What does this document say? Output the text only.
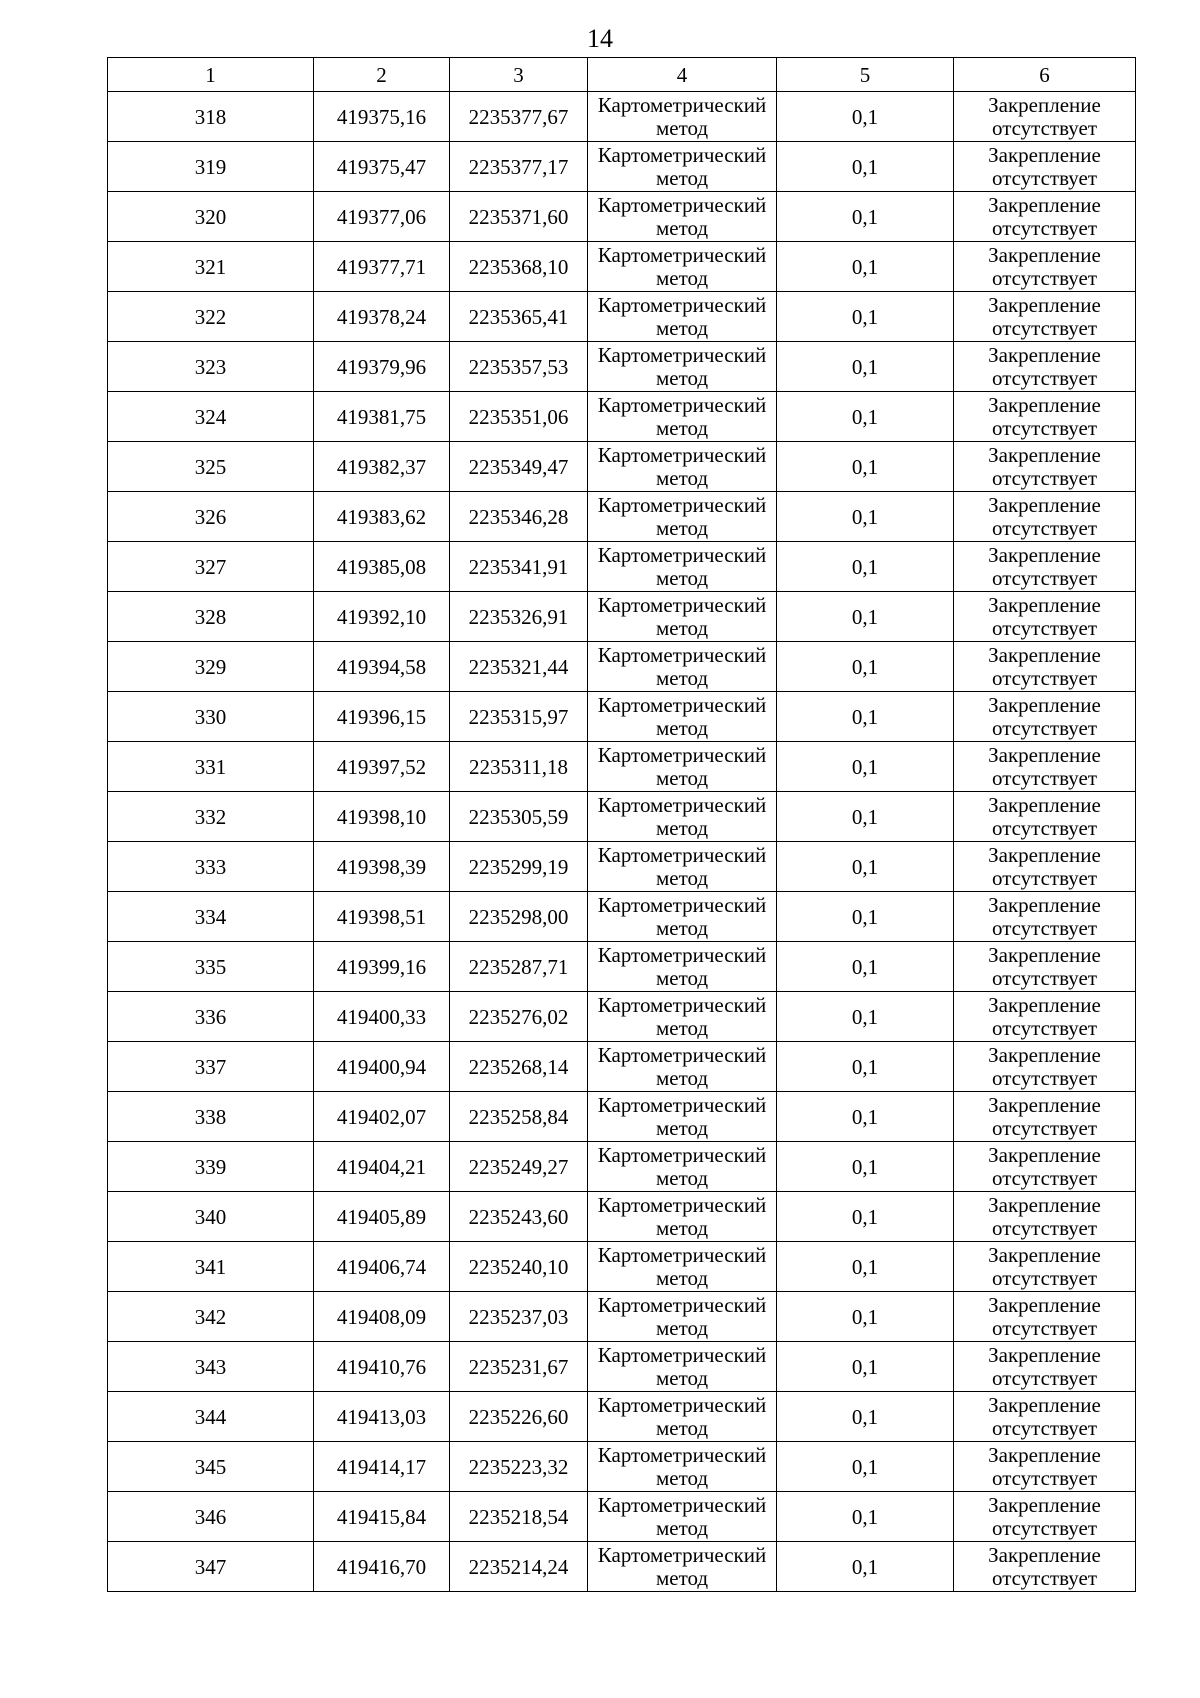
14
1	2	3	4	5	6
318	419375,16	2235377,67	Картометрический
метод	0,1	Закрепление
отсутствует

319	419375,47	2235377,17	Картометрический
метод	0,1	Закрепление
отсутствует

320	419377,06	2235371,60	Картометрический
метод	0,1	Закрепление
отсутствует

321	419377,71	2235368,10	Картометрический
метод	0,1	Закрепление
отсутствует

322	419378,24	2235365,41	Картометрический
метод	0,1	Закрепление
отсутствует

323	419379,96	2235357,53	Картометрический
метод	0,1	Закрепление
отсутствует

324	419381,75	2235351,06	Картометрический
метод	0,1	Закрепление
отсутствует

325	419382,37	2235349,47	Картометрический
метод	0,1	Закрепление
отсутствует

326	419383,62	2235346,28	Картометрический
метод	0,1	Закрепление
отсутствует

327	419385,08	2235341,91	Картометрический
метод	0,1	Закрепление
отсутствует

328	419392,10	2235326,91	Картометрический
метод	0,1	Закрепление
отсутствует

329	419394,58	2235321,44	Картометрический
метод	0,1	Закрепление
отсутствует

330	419396,15	2235315,97	Картометрический
метод	0,1	Закрепление
отсутствует

331	419397,52	2235311,18	Картометрический
метод	0,1	Закрепление
отсутствует

332	419398,10	2235305,59	Картометрический
метод	0,1	Закрепление
отсутствует

333	419398,39	2235299,19	Картометрический
метод	0,1	Закрепление
отсутствует

334	419398,51	2235298,00	Картометрический
метод	0,1	Закрепление
отсутствует

335	419399,16	2235287,71	Картометрический
метод	0,1	Закрепление
отсутствует

336	419400,33	2235276,02	Картометрический
метод	0,1	Закрепление
отсутствует

337	419400,94	2235268,14	Картометрический
метод	0,1	Закрепление
отсутствует

338	419402,07	2235258,84	Картометрический
метод	0,1	Закрепление
отсутствует

339	419404,21	2235249,27	Картометрический
метод	0,1	Закрепление
отсутствует

340	419405,89	2235243,60	Картометрический
метод	0,1	Закрепление
отсутствует

341	419406,74	2235240,10	Картометрический
метод	0,1	Закрепление
отсутствует

342	419408,09	2235237,03	Картометрический
метод	0,1	Закрепление
отсутствует

343	419410,76	2235231,67	Картометрический
метод	0,1	Закрепление
отсутствует

344	419413,03	2235226,60	Картометрический
метод	0,1	Закрепление
отсутствует

345	419414,17	2235223,32	Картометрический
метод	0,1	Закрепление
отсутствует

346	419415,84	2235218,54	Картометрический
метод	0,1	Закрепление
отсутствует

347	419416,70	2235214,24	Картометрический
метод	0,1	Закрепление
отсутствует
